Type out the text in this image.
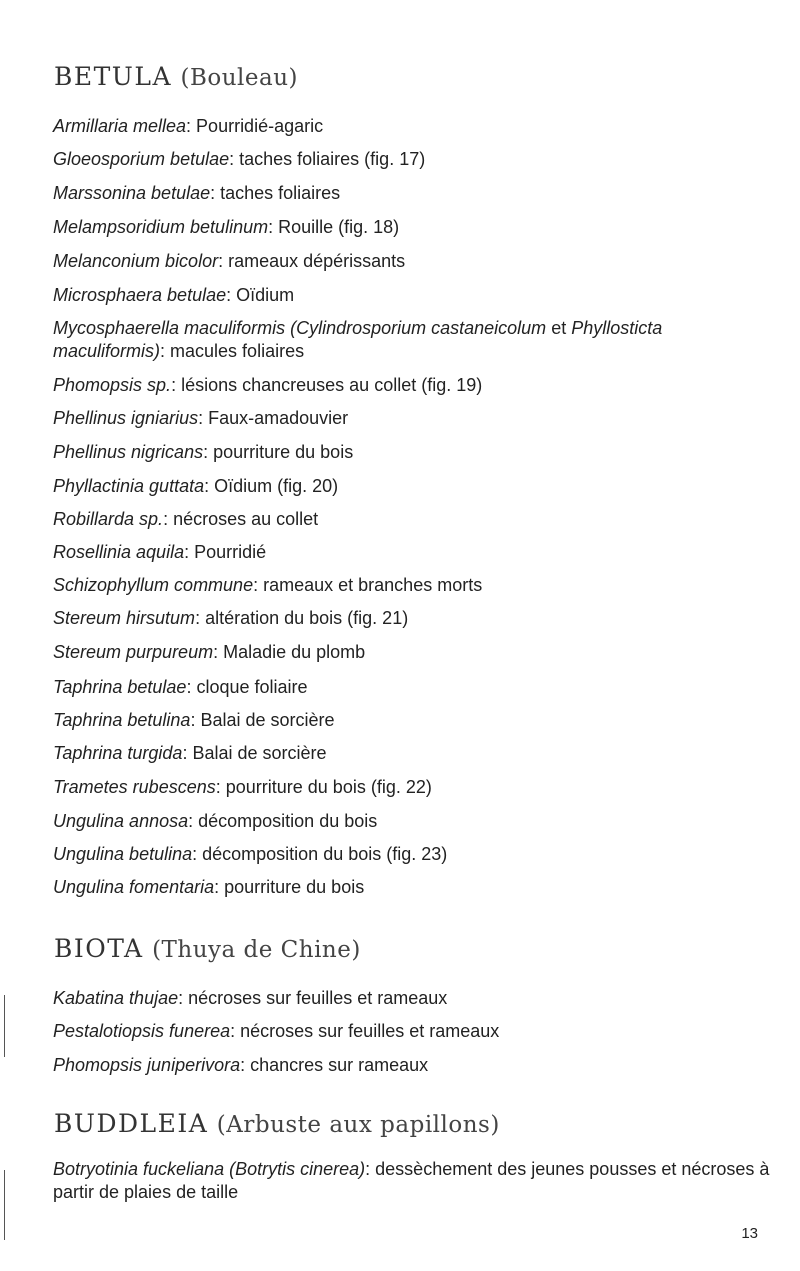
BETULA (Bouleau)
Armillaria mellea: Pourridié-agaric
Gloeosporium betulae: taches foliaires (fig. 17)
Marssonina betulae: taches foliaires
Melampsoridium betulinum: Rouille (fig. 18)
Melanconium bicolor: rameaux dépérissants
Microsphaera betulae: Oïdium
Mycosphaerella maculiformis (Cylindrosporium castaneicolum et Phyllosticta maculiformis): macules foliaires
Phomopsis sp.: lésions chancreuses au collet (fig. 19)
Phellinus igniarius: Faux-amadouvier
Phellinus nigricans: pourriture du bois
Phyllactinia guttata: Oïdium (fig. 20)
Robillarda sp.: nécroses au collet
Rosellinia aquila: Pourridié
Schizophyllum commune: rameaux et branches morts
Stereum hirsutum: altération du bois (fig. 21)
Stereum purpureum: Maladie du plomb
Taphrina betulae: cloque foliaire
Taphrina betulina: Balai de sorcière
Taphrina turgida: Balai de sorcière
Trametes rubescens: pourriture du bois (fig. 22)
Ungulina annosa: décomposition du bois
Ungulina betulina: décomposition du bois (fig. 23)
Ungulina fomentaria: pourriture du bois
BIOTA (Thuya de Chine)
Kabatina thujae: nécroses sur feuilles et rameaux
Pestalotiopsis funerea: nécroses sur feuilles et rameaux
Phomopsis juniperivora: chancres sur rameaux
BUDDLEIA (Arbuste aux papillons)
Botryotinia fuckeliana (Botrytis cinerea): dessèchement des jeunes pousses et nécroses à partir de plaies de taille
13
